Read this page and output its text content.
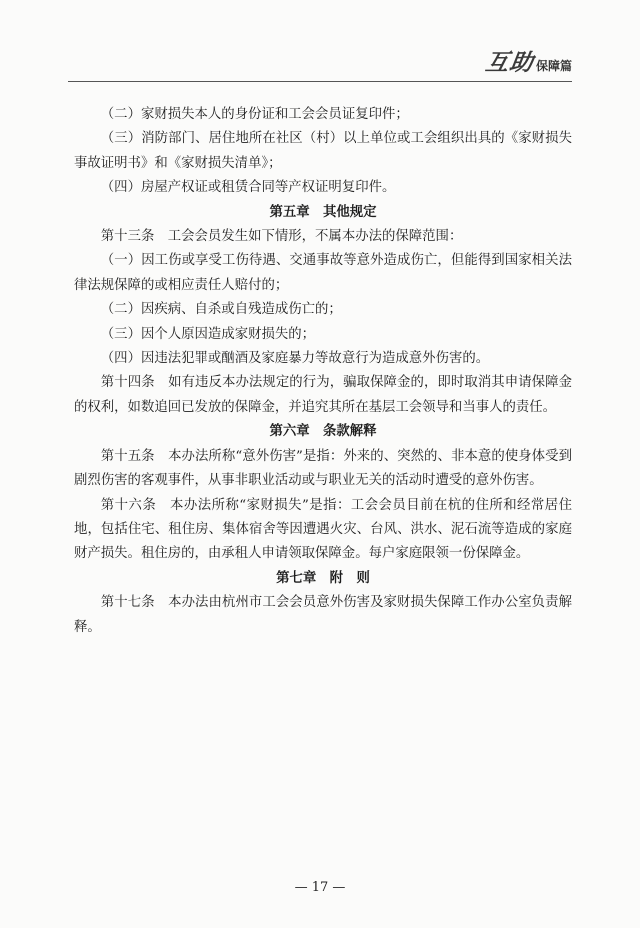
互助 保障篇

（二）家财损失本人的身份证和工会会员证复印件；

（三）消防部门、居住地所在社区（村）以上单位或工会组织出具的《家财损失事故证明书》和《家财损失清单》；

（四）房屋产权证或租赁合同等产权证明复印件。

第五章　其他规定

第十三条　工会会员发生如下情形，不属本办法的保障范围：

（一）因工伤或享受工伤待遇、交通事故等意外造成伤亡，但能得到国家相关法律法规保障的或相应责任人赔付的；

（二）因疾病、自杀或自残造成伤亡的；

（三）因个人原因造成家财损失的；

（四）因违法犯罪或酗酒及家庭暴力等故意行为造成意外伤害的。

第十四条　如有违反本办法规定的行为，骗取保障金的，即时取消其申请保障金的权利，如数追回已发放的保障金，并追究其所在基层工会领导和当事人的责任。

第六章　条款解释

第十五条　本办法所称“意外伤害”是指：外来的、突然的、非本意的使身体受到剧烈伤害的客观事件，从事非职业活动或与职业无关的活动时遭受的意外伤害。

第十六条　本办法所称“家财损失”是指：工会会员目前在杭的住所和经常居住地，包括住宅、租住房、集体宿舍等因遭遇火灾、台风、洪水、泥石流等造成的家庭财产损失。租住房的，由承租人申请领取保障金。每户家庭限领一份保障金。

第七章　附　则

第十七条　本办法由杭州市工会会员意外伤害及家财损失保障工作办公室负责解释。

— 17 —
